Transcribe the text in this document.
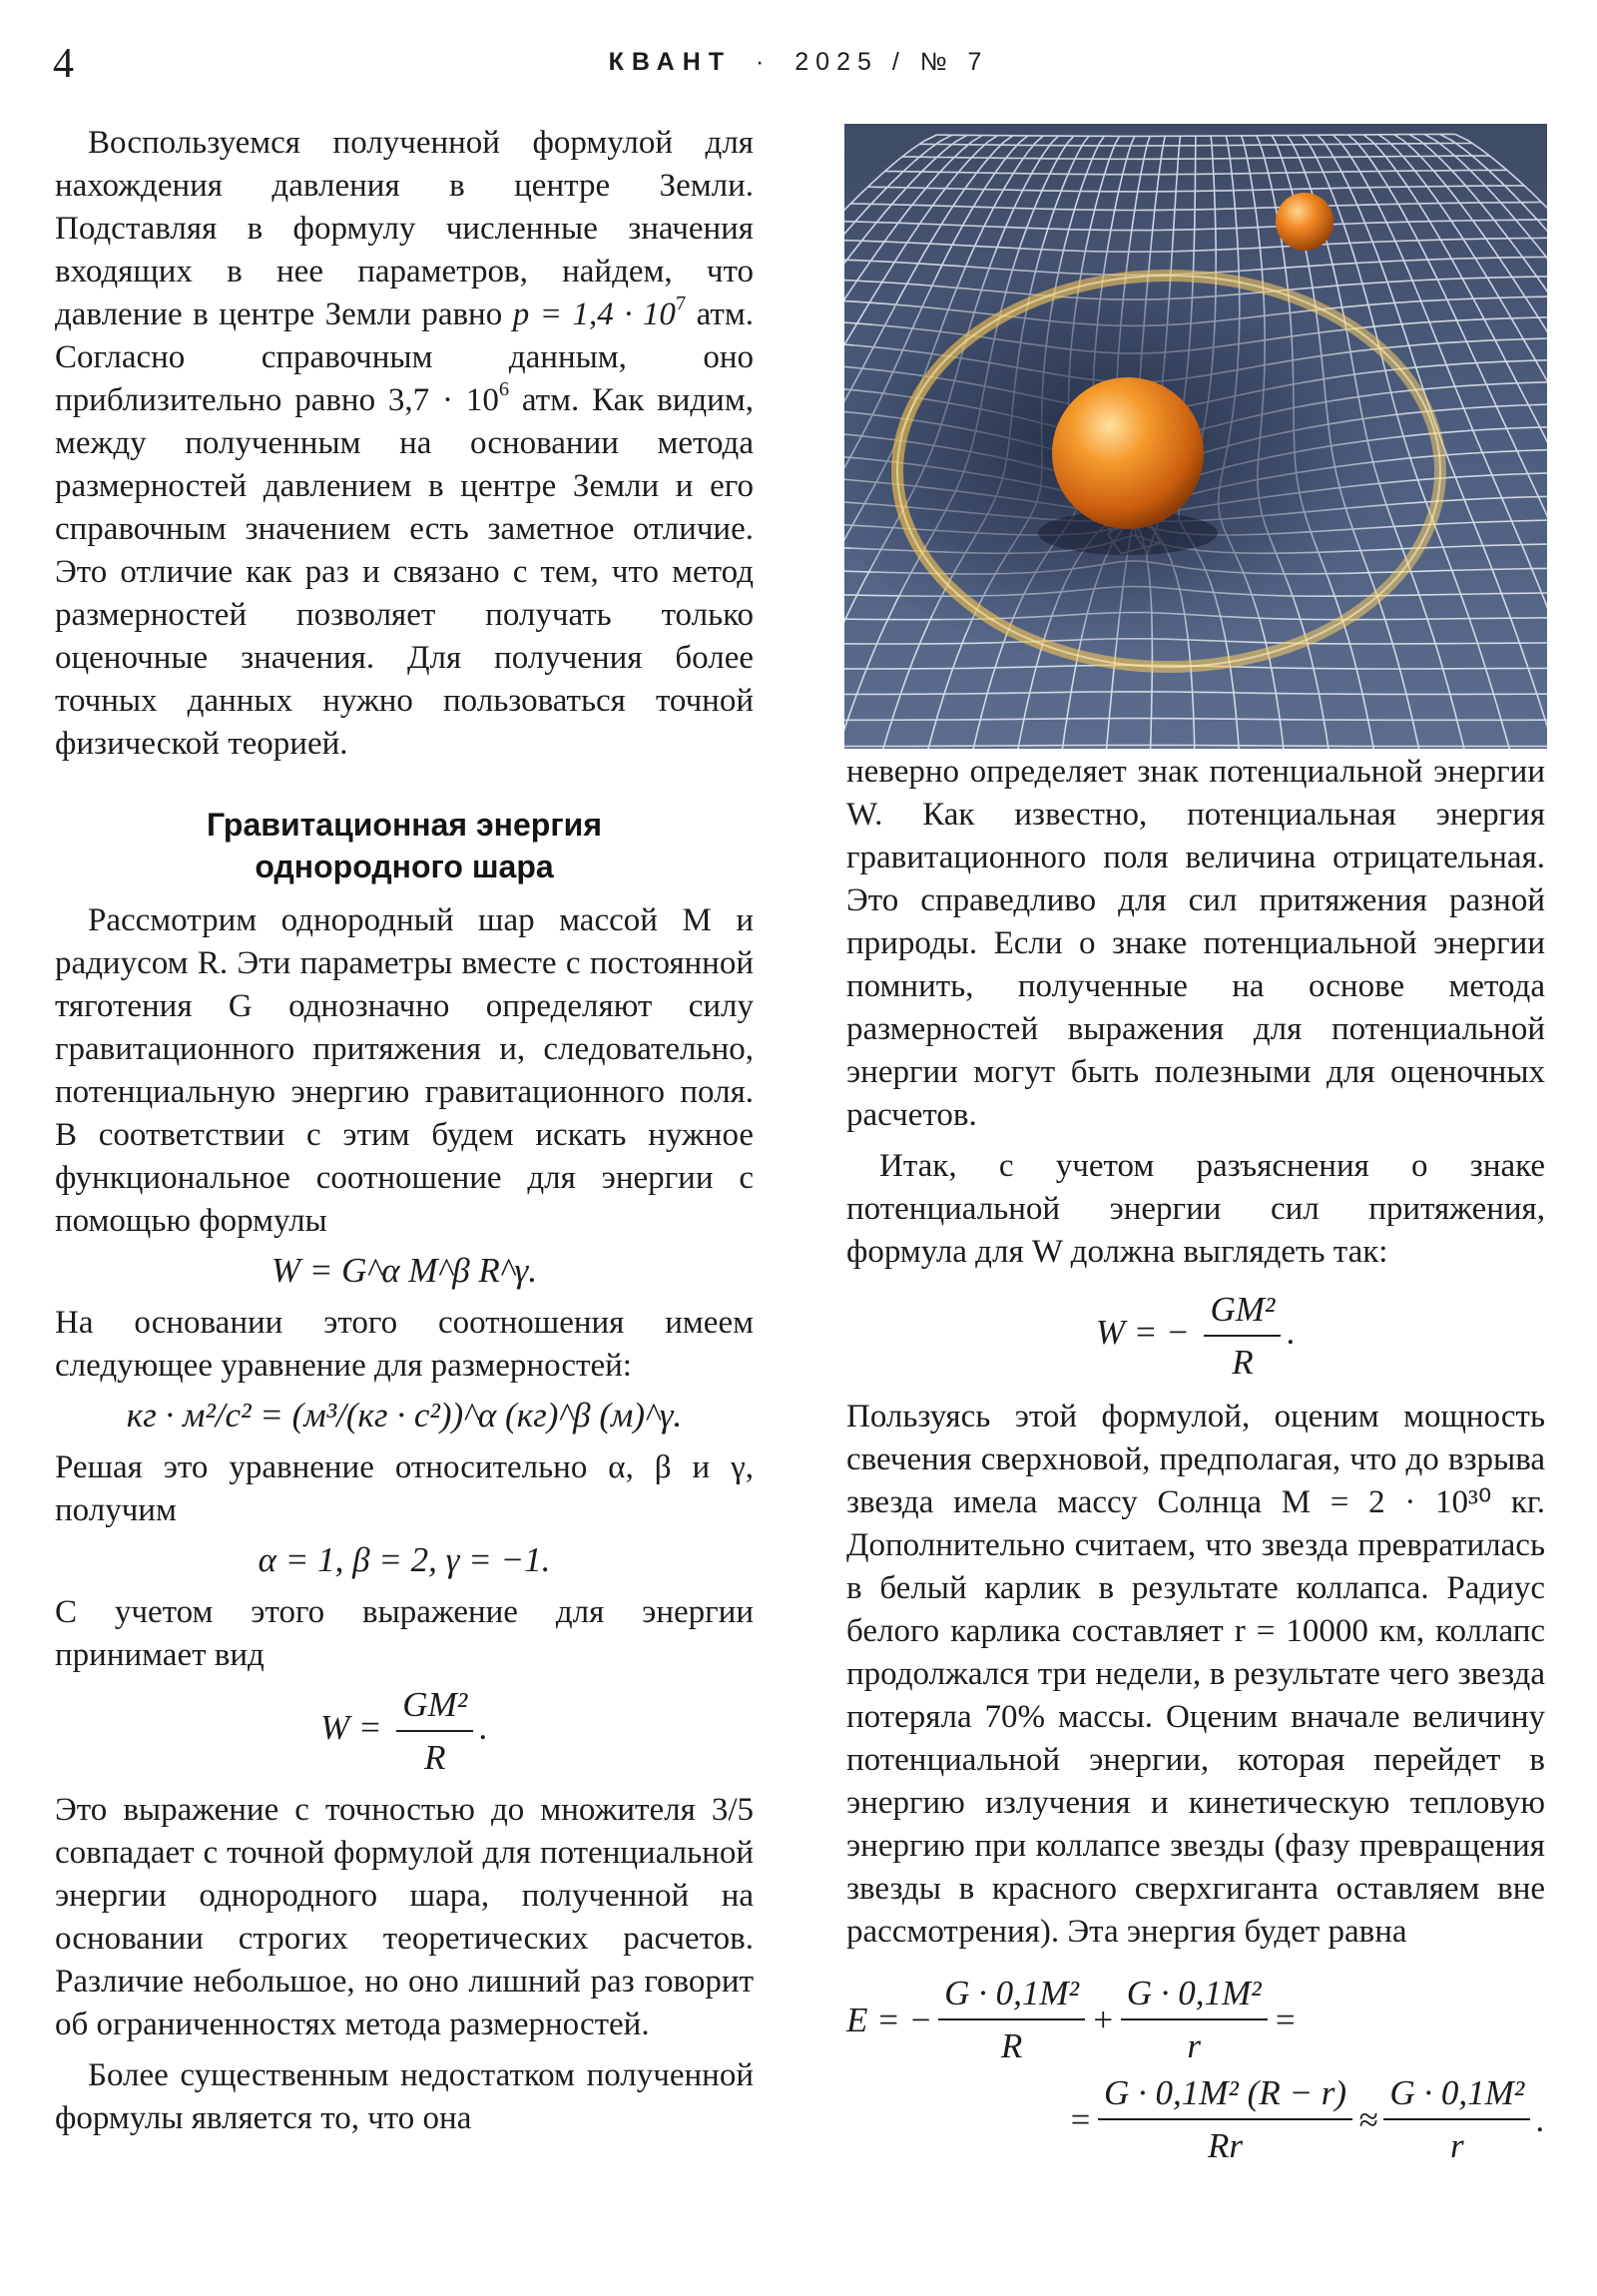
4	КВАНТ · 2025 / № 7

Воспользуемся полученной формулой для нахождения давления в центре Земли. Подставляя в формулу численные значения входящих в нее параметров, найдем, что давление в центре Земли равно $p = 1,4 \cdot 10^7$ атм. Согласно справочным данным, оно приблизительно равно $3,7 \cdot 10^6$ атм. Как видим, между полученным на основании метода размерностей давлением в центре Земли и его справочным значением есть заметное отличие. Это отличие как раз и связано с тем, что метод размерностей позволяет получать только оценочные значения. Для получения более точных данных нужно пользоваться точной физической теорией.

Гравитационная энергия
однородного шара

Рассмотрим однородный шар массой M и радиусом R. Эти параметры вместе с постоянной тяготения G однозначно определяют силу гравитационного притяжения и, следовательно, потенциальную энергию гравитационного поля. В соответствии с этим будем искать нужное функциональное соотношение для энергии с помощью формулы

W = G^α M^β R^γ.

На основании этого соотношения имеем следующее уравнение для размерностей:

кг · м²/c² = (м³/(кг · c²))^α (кг)^β (м)^γ.

Решая это уравнение относительно α, β и γ, получим

α = 1, β = 2, γ = −1.

С учетом этого выражение для энергии принимает вид

$W = \frac{\text{GM²}}{R}$ .

Это выражение с точностью до множителя 3/5 совпадает с точной формулой для потенциальной энергии однородного шара, полученной на основании строгих теоретических расчетов. Различие небольшое, но оно лишний раз говорит об ограниченностях метода размерностей.

Более существенным недостатком полученной формулы является то, что она

неверно определяет знак потенциальной энергии W. Как известно, потенциальная энергия гравитационного поля величина отрицательная. Это справедливо для сил притяжения разной природы. Если о знаке потенциальной энергии помнить, полученные на основе метода размерностей выражения для потенциальной энергии могут быть полезными для оценочных расчетов.

Итак, с учетом разъяснения о знаке потенциальной энергии сил притяжения, формула для W должна выглядеть так:

W = − $\frac{\text{GM²}}{R}$ .

Пользуясь этой формулой, оценим мощность свечения сверхновой, предполагая, что до взрыва звезда имела массу Солнца M = 2 · 10³⁰ кг. Дополнительно считаем, что звезда превратилась в белый карлик в результате коллапса. Радиус белого карлика составляет r = 10000 км, коллапс продолжался три недели, в результате чего звезда потеряла 70% массы. Оценим вначале величину потенциальной энергии, которая перейдет в энергию излучения и кинетическую тепловую энергию при коллапсе звезды (фазу превращения звезды в красного сверхгиганта оставляем вне рассмотрения). Эта энергия будет равна

E = − $\frac{\text{G · 0,1M²}}{R} + \frac{\text{G · 0,1M²}}{r}$ =
= $\frac{\text{G · 0,1M² (R − r)}}{Rr} \approx \frac{\text{G · 0,1M²}}{r}$ .
